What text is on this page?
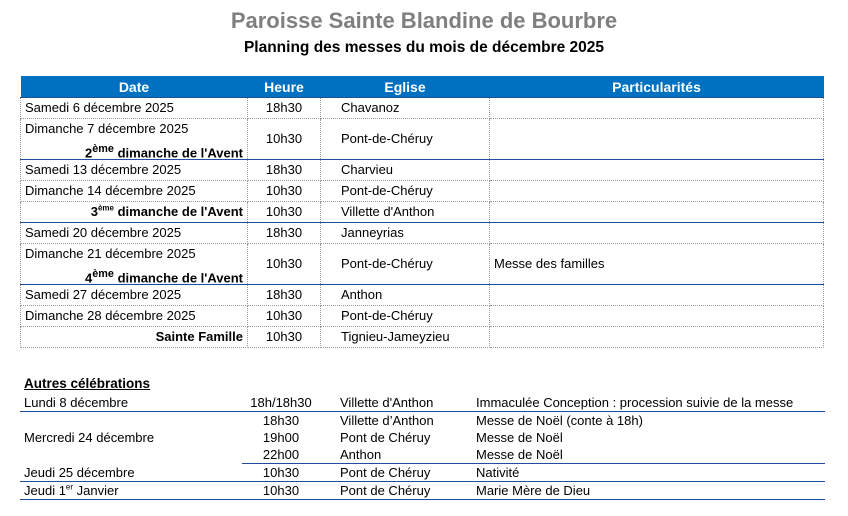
Paroisse Sainte Blandine de Bourbre
Planning des messes du mois de décembre 2025
Date	Heure	Eglise	Particularités
Samedi 6 décembre 2025	18h30	Chavanoz	

Dimanche 7 décembre 2025
2ème dimanche de l'Avent	10h30	Pont-de-Chéruy	
Samedi 13 décembre 2025	18h30	Charvieu	
Dimanche 14 décembre 2025	10h30	Pont-de-Chéruy	
3ème dimanche de l'Avent	10h30	Villette d'Anthon	
Samedi 20 décembre 2025	18h30	Janneyrias	

Dimanche 21 décembre 2025
4ème dimanche de l'Avent	10h30	Pont-de-Chéruy	Messe des familles
Samedi 27 décembre 2025	18h30	Anthon	
Dimanche 28 décembre 2025	10h30	Pont-de-Chéruy	
Sainte Famille	10h30	Tignieu-Jameyzieu	
Autres célébrations
Lundi 8 décembre	18h/18h30	Villette d'Anthon	Immaculée Conception : procession suivie de la messe
Mercredi 24 décembre	18h30	Villette d’Anthon	Messe de Noël (conte à 18h)
	19h00	Pont de Chéruy	Messe de Noël
	22h00	Anthon	Messe de Noël
Jeudi 25 décembre	10h30	Pont de Chéruy	Nativité
Jeudi 1er Janvier	10h30	Pont de Chéruy	Marie Mère de Dieu
